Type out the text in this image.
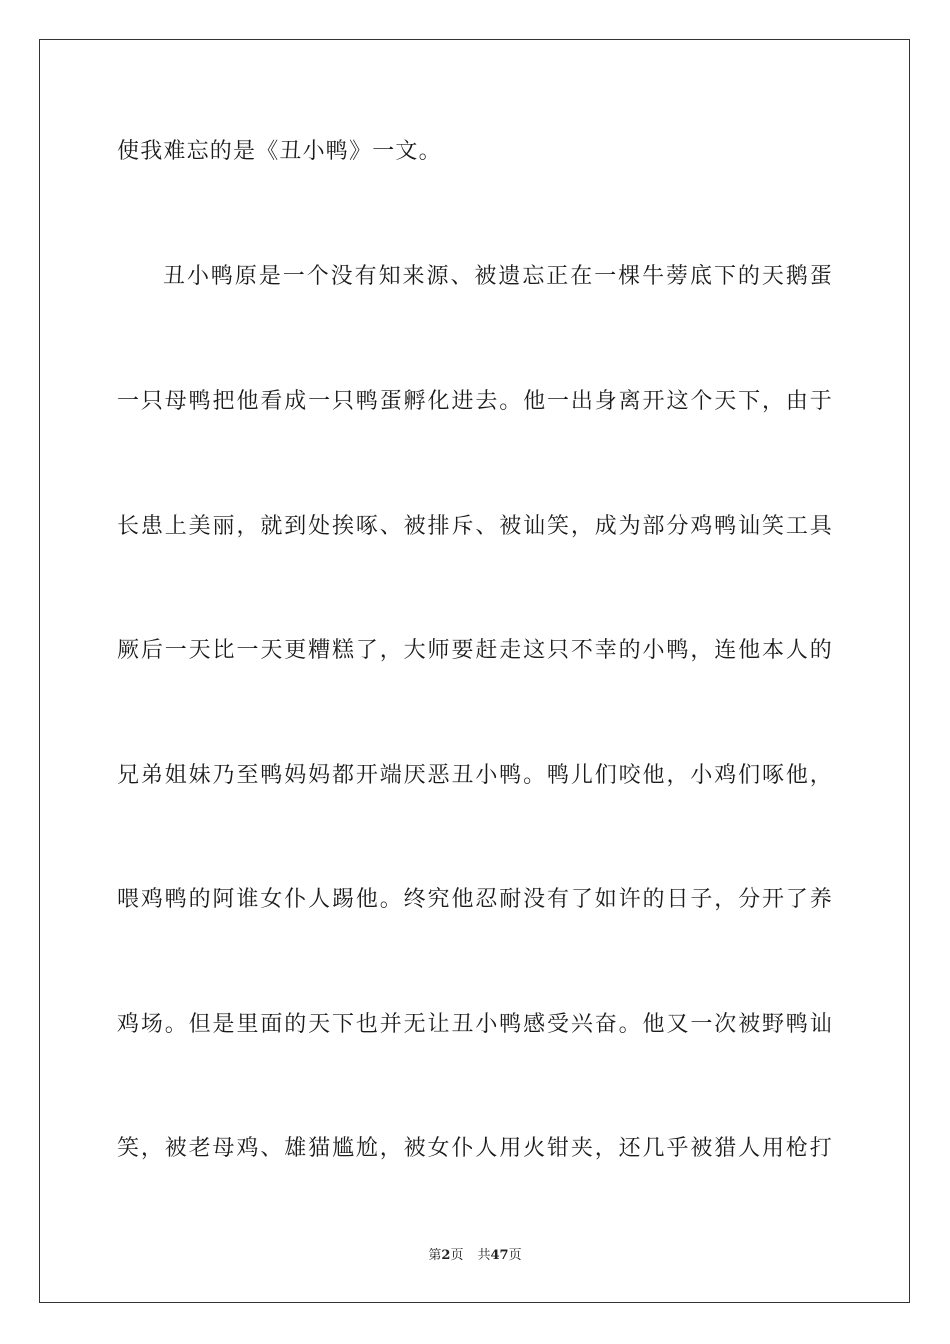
使我难忘的是《丑小鸭》一文。
丑小鸭原是一个没有知来源、被遗忘正在一棵牛蒡底下的天鹅蛋
一只母鸭把他看成一只鸭蛋孵化进去。他一出身离开这个天下，由于
长患上美丽，就到处挨啄、被排斥、被讪笑，成为部分鸡鸭讪笑工具
厥后一天比一天更糟糕了，大师要赶走这只不幸的小鸭，连他本人的
兄弟姐妹乃至鸭妈妈都开端厌恶丑小鸭。鸭儿们咬他，小鸡们啄他，
喂鸡鸭的阿谁女仆人踢他。终究他忍耐没有了如许的日子，分开了养
鸡场。但是里面的天下也并无让丑小鸭感受兴奋。他又一次被野鸭讪
笑，被老母鸡、雄猫尴尬，被女仆人用火钳夹，还几乎被猎人用枪打
第2页 共47页
